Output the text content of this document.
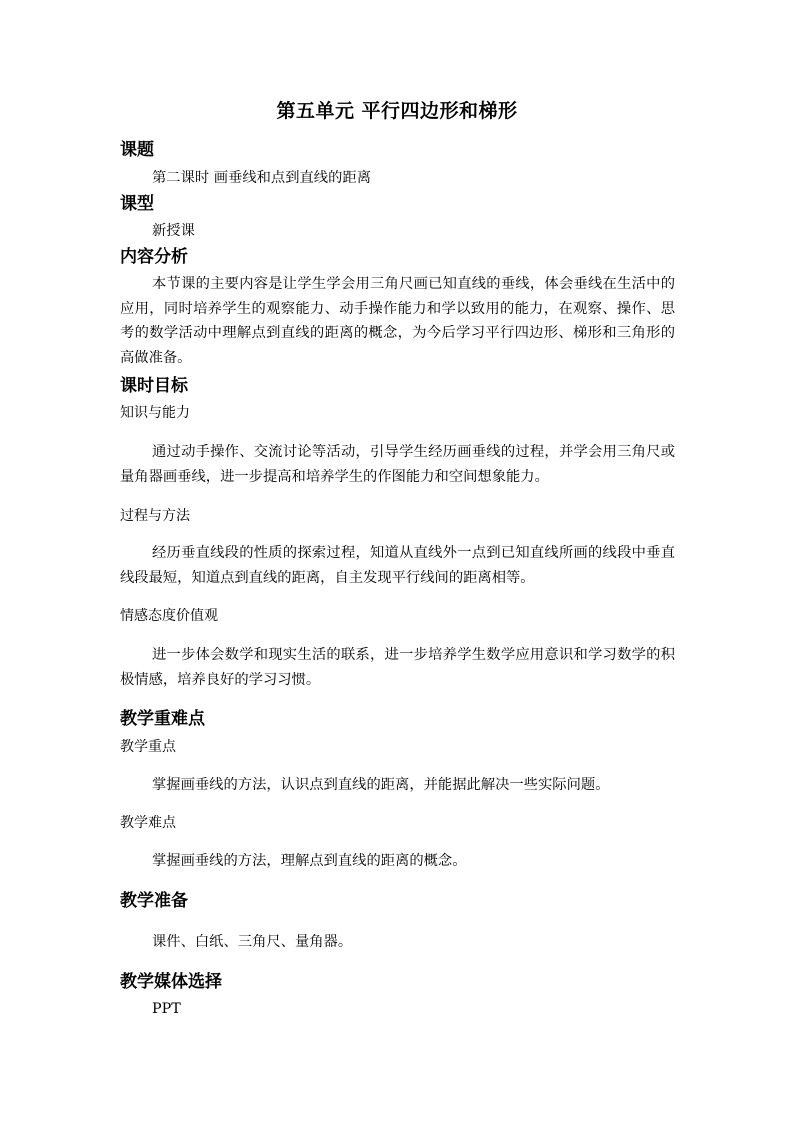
第五单元 平行四边形和梯形
课题
第二课时 画垂线和点到直线的距离
课型
新授课
内容分析
本节课的主要内容是让学生学会用三角尺画已知直线的垂线，体会垂线在生活中的应用，同时培养学生的观察能力、动手操作能力和学以致用的能力，在观察、操作、思考的数学活动中理解点到直线的距离的概念，为今后学习平行四边形、梯形和三角形的高做准备。
课时目标
知识与能力
通过动手操作、交流讨论等活动，引导学生经历画垂线的过程，并学会用三角尺或量角器画垂线，进一步提高和培养学生的作图能力和空间想象能力。
过程与方法
经历垂直线段的性质的探索过程，知道从直线外一点到已知直线所画的线段中垂直线段最短，知道点到直线的距离，自主发现平行线间的距离相等。
情感态度价值观
进一步体会数学和现实生活的联系，进一步培养学生数学应用意识和学习数学的积极情感，培养良好的学习习惯。
教学重难点
教学重点
掌握画垂线的方法，认识点到直线的距离，并能据此解决一些实际问题。
教学难点
掌握画垂线的方法，理解点到直线的距离的概念。
教学准备
课件、白纸、三角尺、量角器。
教学媒体选择
PPT
